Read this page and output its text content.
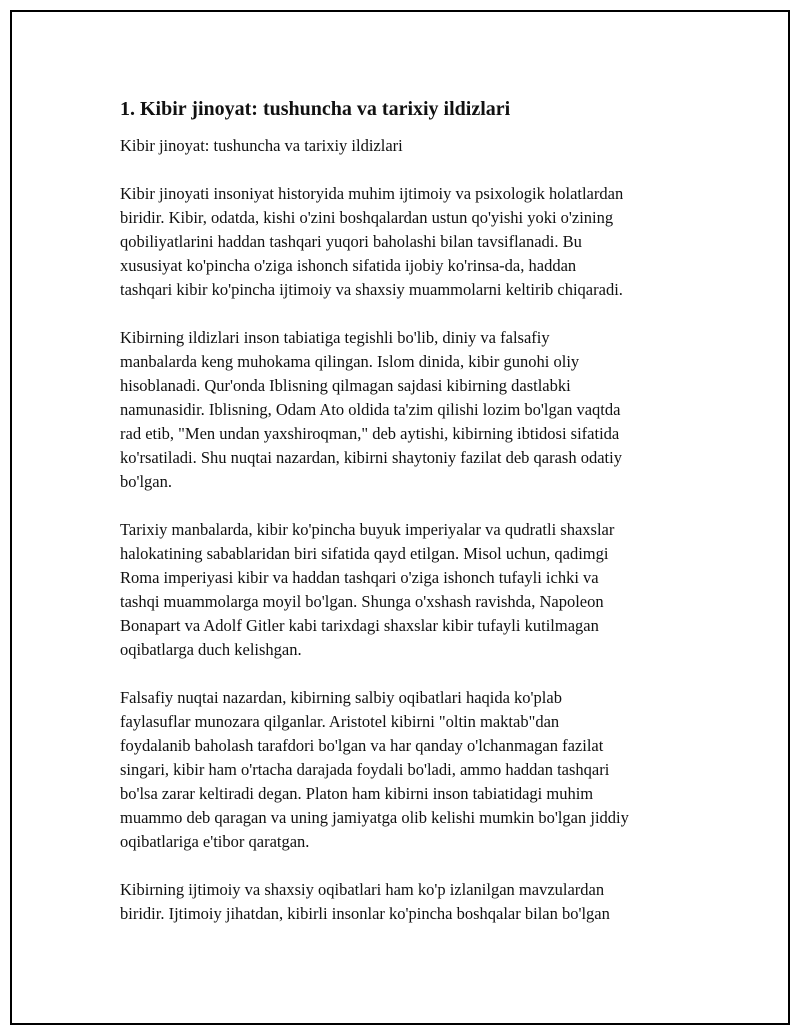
1. Kibir jinoyat: tushuncha va tarixiy ildizlari

Kibir jinoyat: tushuncha va tarixiy ildizlari

Kibir jinoyati insoniyat historyida muhim ijtimoiy va psixologik holatlardan
biridir. Kibir, odatda, kishi o'zini boshqalardan ustun qo'yishi yoki o'zining
qobiliyatlarini haddan tashqari yuqori baholashi bilan tavsiflanadi. Bu
xususiyat ko'pincha o'ziga ishonch sifatida ijobiy ko'rinsa-da, haddan
tashqari kibir ko'pincha ijtimoiy va shaxsiy muammolarni keltirib chiqaradi.

Kibirning ildizlari inson tabiatiga tegishli bo'lib, diniy va falsafiy
manbalarda keng muhokama qilingan. Islom dinida, kibir gunohi oliy
hisoblanadi. Qur'onda Iblisning qilmagan sajdasi kibirning dastlabki
namunasidir. Iblisning, Odam Ato oldida ta'zim qilishi lozim bo'lgan vaqtda
rad etib, "Men undan yaxshiroqman," deb aytishi, kibirning ibtidosi sifatida
ko'rsatiladi. Shu nuqtai nazardan, kibirni shaytoniy fazilat deb qarash odatiy
bo'lgan.

Tarixiy manbalarda, kibir ko'pincha buyuk imperiyalar va qudratli shaxslar
halokatining sabablaridan biri sifatida qayd etilgan. Misol uchun, qadimgi
Roma imperiyasi kibir va haddan tashqari o'ziga ishonch tufayli ichki va
tashqi muammolarga moyil bo'lgan. Shunga o'xshash ravishda, Napoleon
Bonapart va Adolf Gitler kabi tarixdagi shaxslar kibir tufayli kutilmagan
oqibatlarga duch kelishgan.

Falsafiy nuqtai nazardan, kibirning salbiy oqibatlari haqida ko'plab
faylasuflar munozara qilganlar. Aristotel kibirni "oltin maktab"dan
foydalanib baholash tarafdori bo'lgan va har qanday o'lchanmagan fazilat
singari, kibir ham o'rtacha darajada foydali bo'ladi, ammo haddan tashqari
bo'lsa zarar keltiradi degan. Platon ham kibirni inson tabiatidagi muhim
muammo deb qaragan va uning jamiyatga olib kelishi mumkin bo'lgan jiddiy
oqibatlariga e'tibor qaratgan.

Kibirning ijtimoiy va shaxsiy oqibatlari ham ko'p izlanilgan mavzulardan
biridir. Ijtimoiy jihatdan, kibirli insonlar ko'pincha boshqalar bilan bo'lgan
